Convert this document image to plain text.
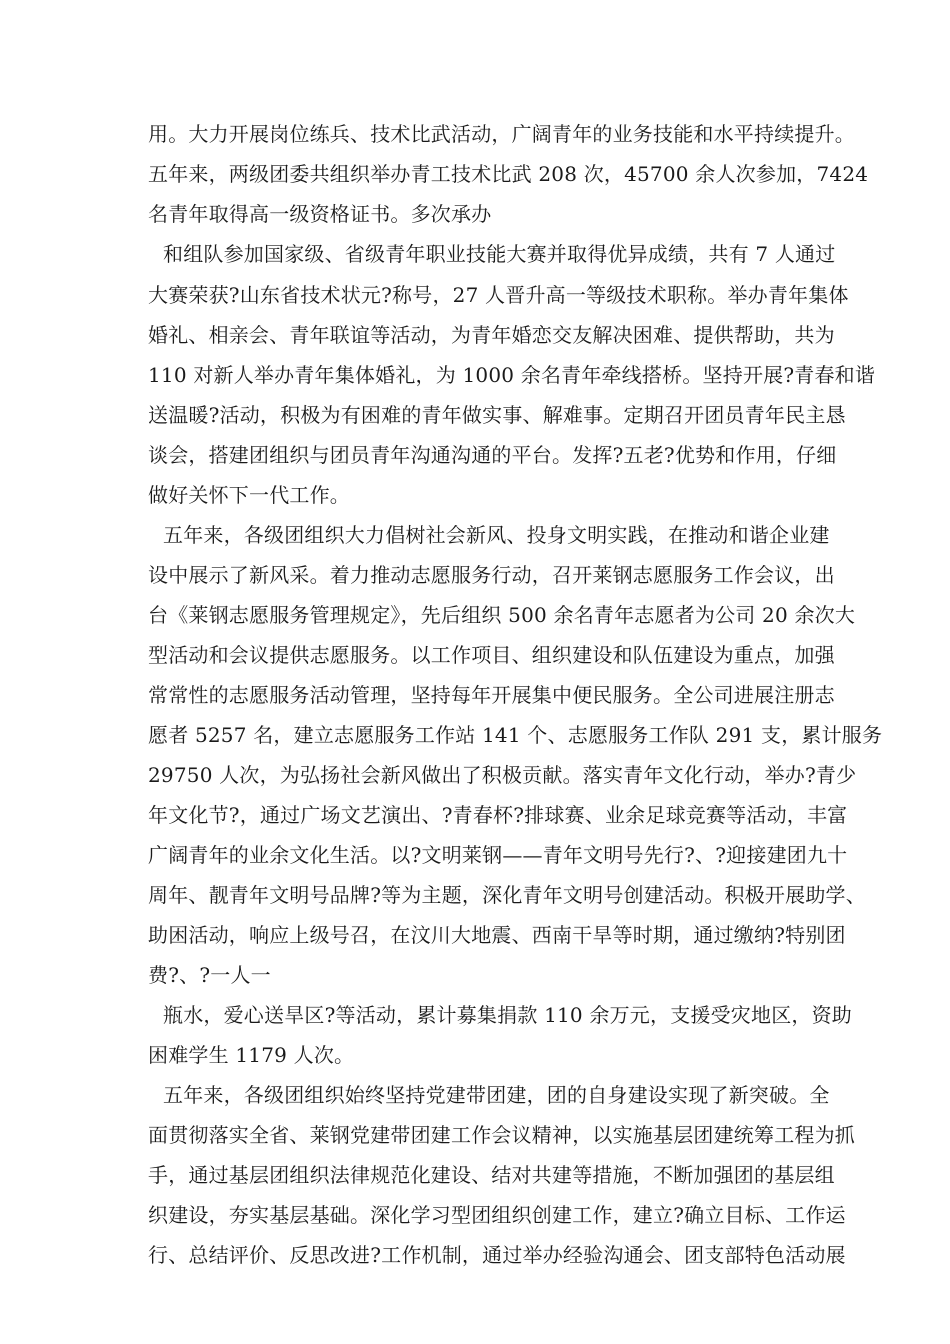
用。大力开展岗位练兵、技术比武活动，广阔青年的业务技能和水平持续提升。
五年来，两级团委共组织举办青工技术比武 208 次，45700 余人次参加，7424
名青年取得高一级资格证书。多次承办
和组队参加国家级、省级青年职业技能大赛并取得优异成绩，共有 7 人通过
大赛荣获?山东省技术状元?称号，27 人晋升高一等级技术职称。举办青年集体
婚礼、相亲会、青年联谊等活动，为青年婚恋交友解决困难、提供帮助，共为
110 对新人举办青年集体婚礼，为 1000 余名青年牵线搭桥。坚持开展?青春和谐
送温暖?活动，积极为有困难的青年做实事、解难事。定期召开团员青年民主恳
谈会，搭建团组织与团员青年沟通沟通的平台。发挥?五老?优势和作用，仔细
做好关怀下一代工作。
五年来，各级团组织大力倡树社会新风、投身文明实践，在推动和谐企业建
设中展示了新风采。着力推动志愿服务行动，召开莱钢志愿服务工作会议，出
台《莱钢志愿服务管理规定》，先后组织 500 余名青年志愿者为公司 20 余次大
型活动和会议提供志愿服务。以工作项目、组织建设和队伍建设为重点，加强
常常性的志愿服务活动管理，坚持每年开展集中便民服务。全公司进展注册志
愿者 5257 名，建立志愿服务工作站 141 个、志愿服务工作队 291 支，累计服务
29750 人次，为弘扬社会新风做出了积极贡献。落实青年文化行动，举办?青少
年文化节?，通过广场文艺演出、?青春杯?排球赛、业余足球竞赛等活动，丰富
广阔青年的业余文化生活。以?文明莱钢——青年文明号先行?、?迎接建团九十
周年、靓青年文明号品牌?等为主题，深化青年文明号创建活动。积极开展助学、
助困活动，响应上级号召，在汶川大地震、西南干旱等时期，通过缴纳?特别团
费?、?一人一
瓶水，爱心送旱区?等活动，累计募集捐款 110 余万元，支援受灾地区，资助
困难学生 1179 人次。
五年来，各级团组织始终坚持党建带团建，团的自身建设实现了新突破。全
面贯彻落实全省、莱钢党建带团建工作会议精神，以实施基层团建统筹工程为抓
手，通过基层团组织法律规范化建设、结对共建等措施，不断加强团的基层组
织建设，夯实基层基础。深化学习型团组织创建工作，建立?确立目标、工作运
行、总结评价、反思改进?工作机制，通过举办经验沟通会、团支部特色活动展
